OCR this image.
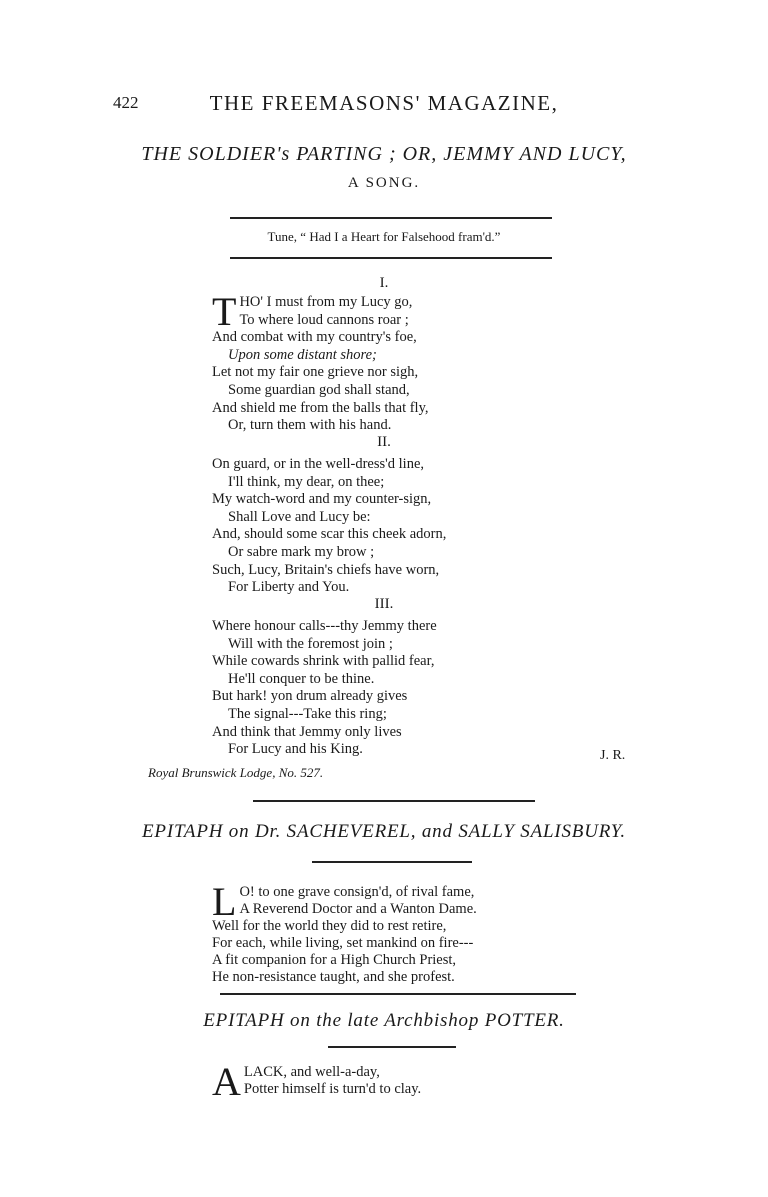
422	THE FREEMASONS' MAGAZINE,
THE SOLDIER's PARTING ; OR, JEMMY AND LUCY,
A SONG.
Tune, “ Had I a Heart for Falsehood fram'd.”
I.
T HO' I must from my Lucy go,
To where loud cannons roar ;
And combat with my country's foe,
Upon some distant shore;
Let not my fair one grieve nor sigh,
Some guardian god shall stand,
And shield me from the balls that fly,
Or, turn them with his hand.
II.
On guard, or in the well-dress'd line,
I'll think, my dear, on thee;
My watch-word and my counter-sign,
Shall Love and Lucy be:
And, should some scar this cheek adorn,
Or sabre mark my brow ;
Such, Lucy, Britain's chiefs have worn,
For Liberty and You.
III.
Where honour calls---thy Jemmy there
Will with the foremost join ;
While cowards shrink with pallid fear,
He'll conquer to be thine.
But hark! yon drum already gives
The signal---Take this ring;
And think that Jemmy only lives
For Lucy and his King.	J. R.
Royal Brunswick Lodge, No. 527.
EPITAPH on Dr. SACHEVEREL, and SALLY SALISBURY.
L O! to one grave consign'd, of rival fame,
A Reverend Doctor and a Wanton Dame.
Well for the world they did to rest retire,
For each, while living, set mankind on fire---
A fit companion for a High Church Priest,
He non-resistance taught, and she profest.
EPITAPH on the late Archbishop POTTER.
A LACK, and well-a-day,
Potter himself is turn'd to clay.
